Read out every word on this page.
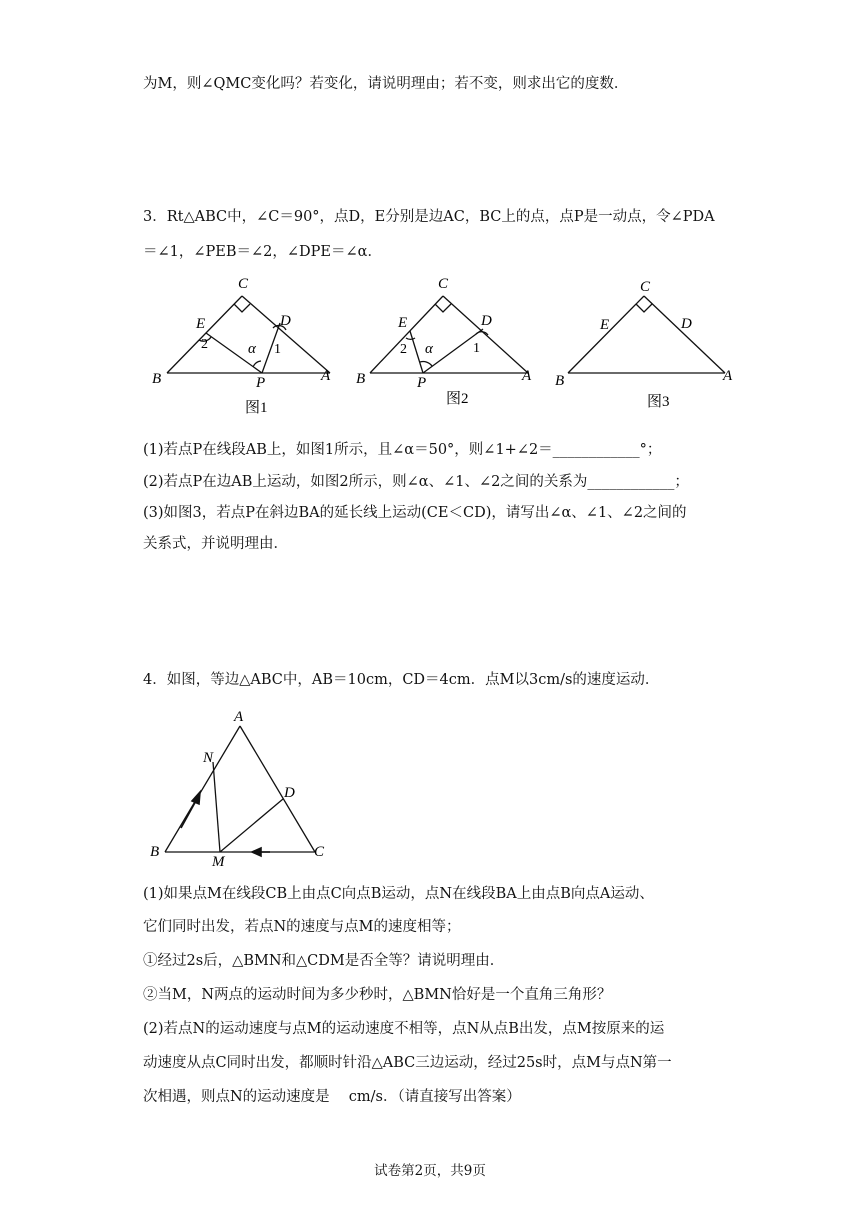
为M，则∠QMC变化吗？若变化，请说明理由；若不变，则求出它的度数．
3．Rt△ABC中，∠C＝90°，点D，E分别是边AC，BC上的点，点P是一动点，令∠PDA
＝∠1，∠PEB＝∠2，∠DPE＝∠α．
C
E	D
B	P	A
2	1
α
图1
C
E	D
B	P	A
2	1
α
图2
C
E	D
B	A
图3
(1)若点P在线段AB上，如图1所示，且∠α＝50°，则∠1+∠2＝____________°；
(2)若点P在边AB上运动，如图2所示，则∠α、∠1、∠2之间的关系为____________；
(3)如图3，若点P在斜边BA的延长线上运动(CE＜CD)，请写出∠α、∠1、∠2之间的
关系式，并说明理由．
4．如图，等边△ABC中，AB＝10cm，CD＝4cm．点M以3cm/s的速度运动．
A
N
D
B
M
C
(1)如果点M在线段CB上由点C向点B运动，点N在线段BA上由点B向点A运动、
它们同时出发，若点N的速度与点M的速度相等；
①经过2s后，△BMN和△CDM是否全等？请说明理由．
②当M，N两点的运动时间为多少秒时，△BMN恰好是一个直角三角形？
(2)若点N的运动速度与点M的运动速度不相等，点N从点B出发，点M按原来的运
动速度从点C同时出发，都顺时针沿△ABC三边运动，经过25s时，点M与点N第一
次相遇，则点N的运动速度是　 cm/s．（请直接写出答案）
试卷第2页，共9页
